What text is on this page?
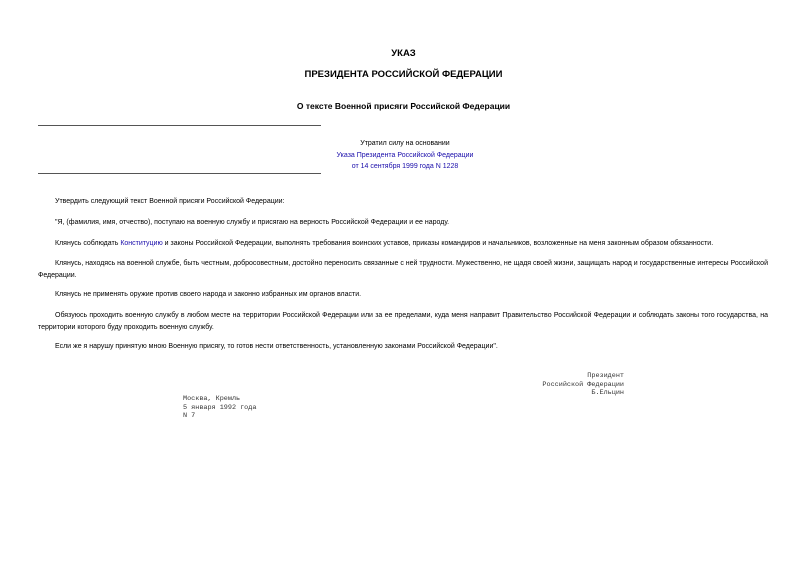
УКАЗ
ПРЕЗИДЕНТА РОССИЙСКОЙ ФЕДЕРАЦИИ
О тексте Военной присяги Российской Федерации
Утратил силу на основании
Указа Президента Российской Федерации
от 14 сентября 1999 года N 1228
Утвердить следующий текст Военной присяги Российской Федерации:
"Я, (фамилия, имя, отчество), поступаю на военную службу и присягаю на верность Российской Федерации и ее народу.
Клянусь соблюдать Конституцию и законы Российской Федерации, выполнять требования воинских уставов, приказы командиров и начальников, возложенные на меня законным образом обязанности.
Клянусь, находясь на военной службе, быть честным, добросовестным, достойно переносить связанные с ней трудности. Мужественно, не щадя своей жизни, защищать народ и государственные интересы Российской Федерации.
Клянусь не применять оружие против своего народа и законно избранных им органов власти.
Обязуюсь проходить военную службу в любом месте на территории Российской Федерации или за ее пределами, куда меня направит Правительство Российской Федерации и соблюдать законы того государства, на территории которого буду проходить военную службу.
Если же я нарушу принятую мною Военную присягу, то готов нести ответственность, установленную законами Российской Федерации".
Президент
Российской Федерации
Б.Ельцин
Москва, Кремль
5 января 1992 года
N 7
